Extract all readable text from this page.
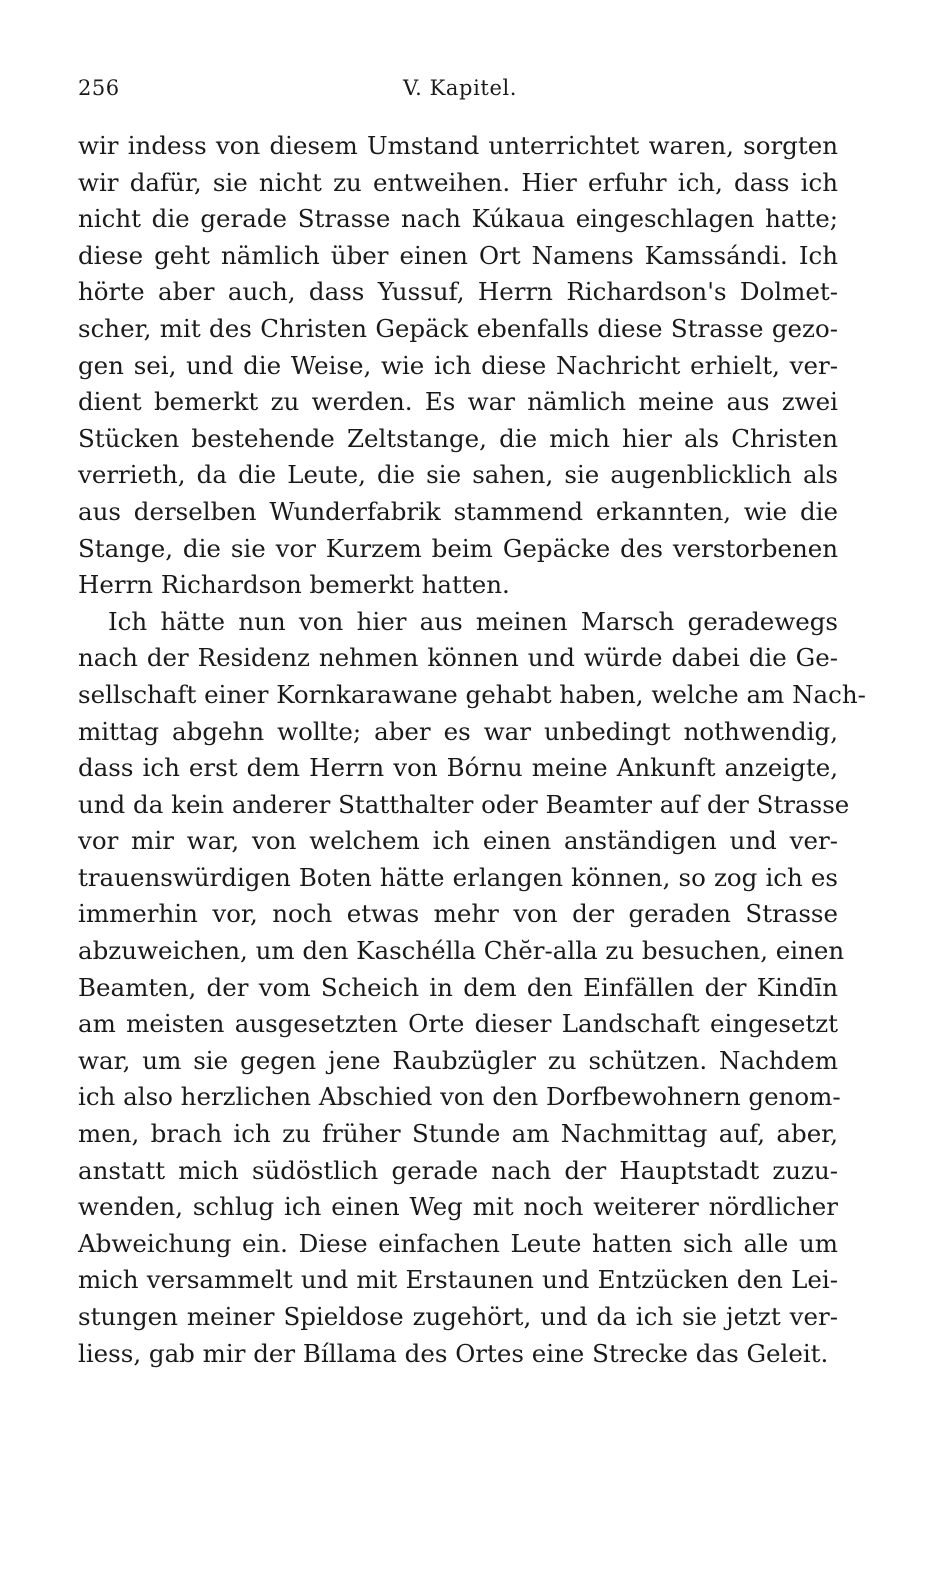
256	V. Kapitel.
wir indess von diesem Umstand unterrichtet waren, sorgten
wir dafür, sie nicht zu entweihen. Hier erfuhr ich, dass ich
nicht die gerade Strasse nach Kúkaua eingeschlagen hatte;
diese geht nämlich über einen Ort Namens Kamssándi. Ich
hörte aber auch, dass Yussuf, Herrn Richardson's Dolmet-
scher, mit des Christen Gepäck ebenfalls diese Strasse gezo-
gen sei, und die Weise, wie ich diese Nachricht erhielt, ver-
dient bemerkt zu werden. Es war nämlich meine aus zwei
Stücken bestehende Zeltstange, die mich hier als Christen
verrieth, da die Leute, die sie sahen, sie augenblicklich als
aus derselben Wunderfabrik stammend erkannten, wie die
Stange, die sie vor Kurzem beim Gepäcke des verstorbenen
Herrn Richardson bemerkt hatten.
Ich hätte nun von hier aus meinen Marsch geradewegs
nach der Residenz nehmen können und würde dabei die Ge-
sellschaft einer Kornkarawane gehabt haben, welche am Nach-
mittag abgehn wollte; aber es war unbedingt nothwendig,
dass ich erst dem Herrn von Bórnu meine Ankunft anzeigte,
und da kein anderer Statthalter oder Beamter auf der Strasse
vor mir war, von welchem ich einen anständigen und ver-
trauenswürdigen Boten hätte erlangen können, so zog ich es
immerhin vor, noch etwas mehr von der geraden Strasse
abzuweichen, um den Kaschélla Chĕr-alla zu besuchen, einen
Beamten, der vom Scheich in dem den Einfällen der Kindīn
am meisten ausgesetzten Orte dieser Landschaft eingesetzt
war, um sie gegen jene Raubzügler zu schützen. Nachdem
ich also herzlichen Abschied von den Dorfbewohnern genom-
men, brach ich zu früher Stunde am Nachmittag auf, aber,
anstatt mich südöstlich gerade nach der Hauptstadt zuzu-
wenden, schlug ich einen Weg mit noch weiterer nördlicher
Abweichung ein. Diese einfachen Leute hatten sich alle um
mich versammelt und mit Erstaunen und Entzücken den Lei-
stungen meiner Spieldose zugehört, und da ich sie jetzt ver-
liess, gab mir der Bíllama des Ortes eine Strecke das Geleit.
